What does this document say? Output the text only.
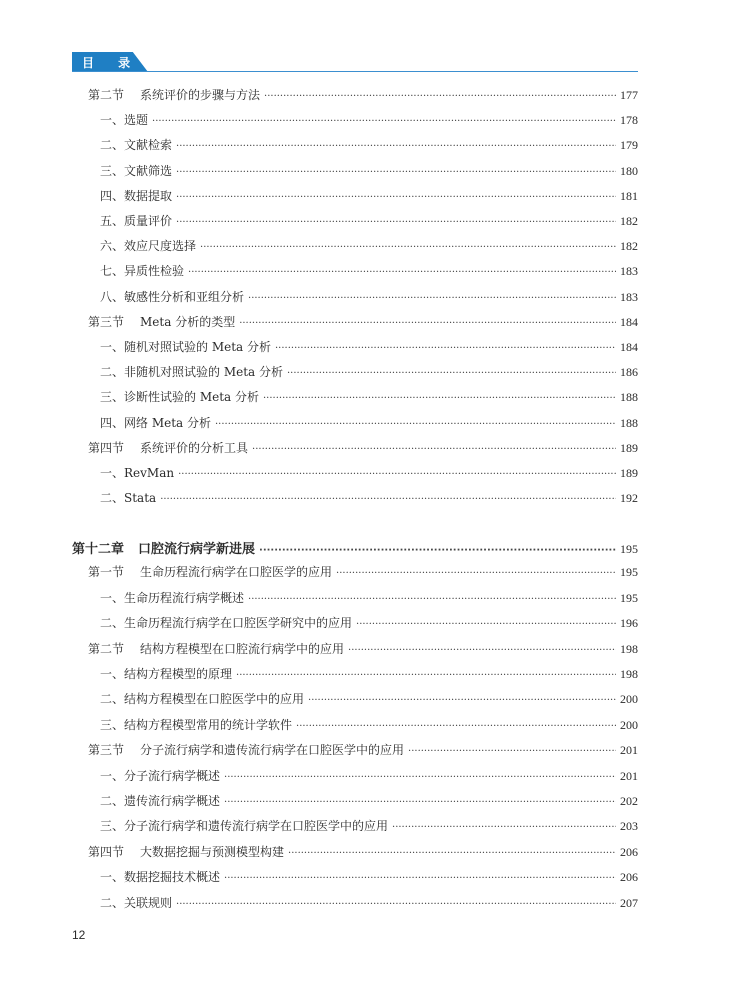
目 录
第二节 系统评价的步骤与方法 ·····	177
一、选题 ·····	178
二、文献检索 ·····	179
三、文献筛选 ·····	180
四、数据提取 ·····	181
五、质量评价 ·····	182
六、效应尺度选择 ·····	182
七、异质性检验 ·····	183
八、敏感性分析和亚组分析 ·····	183
第三节 Meta 分析的类型 ·····	184
一、随机对照试验的 Meta 分析 ·····	184
二、非随机对照试验的 Meta 分析 ·····	186
三、诊断性试验的 Meta 分析 ·····	188
四、网络 Meta 分析 ·····	188
第四节 系统评价的分析工具 ·····	189
一、RevMan ·····	189
二、Stata ·····	192
第十二章 口腔流行病学新进展 ·····	195
第一节 生命历程流行病学在口腔医学的应用 ·····	195
一、生命历程流行病学概述 ·····	195
二、生命历程流行病学在口腔医学研究中的应用 ·····	196
第二节 结构方程模型在口腔流行病学中的应用 ·····	198
一、结构方程模型的原理 ·····	198
二、结构方程模型在口腔医学中的应用 ·····	200
三、结构方程模型常用的统计学软件 ·····	200
第三节 分子流行病学和遗传流行病学在口腔医学中的应用 ·····	201
一、分子流行病学概述 ·····	201
二、遗传流行病学概述 ·····	202
三、分子流行病学和遗传流行病学在口腔医学中的应用 ·····	203
第四节 大数据挖掘与预测模型构建 ·····	206
一、数据挖掘技术概述 ·····	206
二、关联规则 ·····	207
12
